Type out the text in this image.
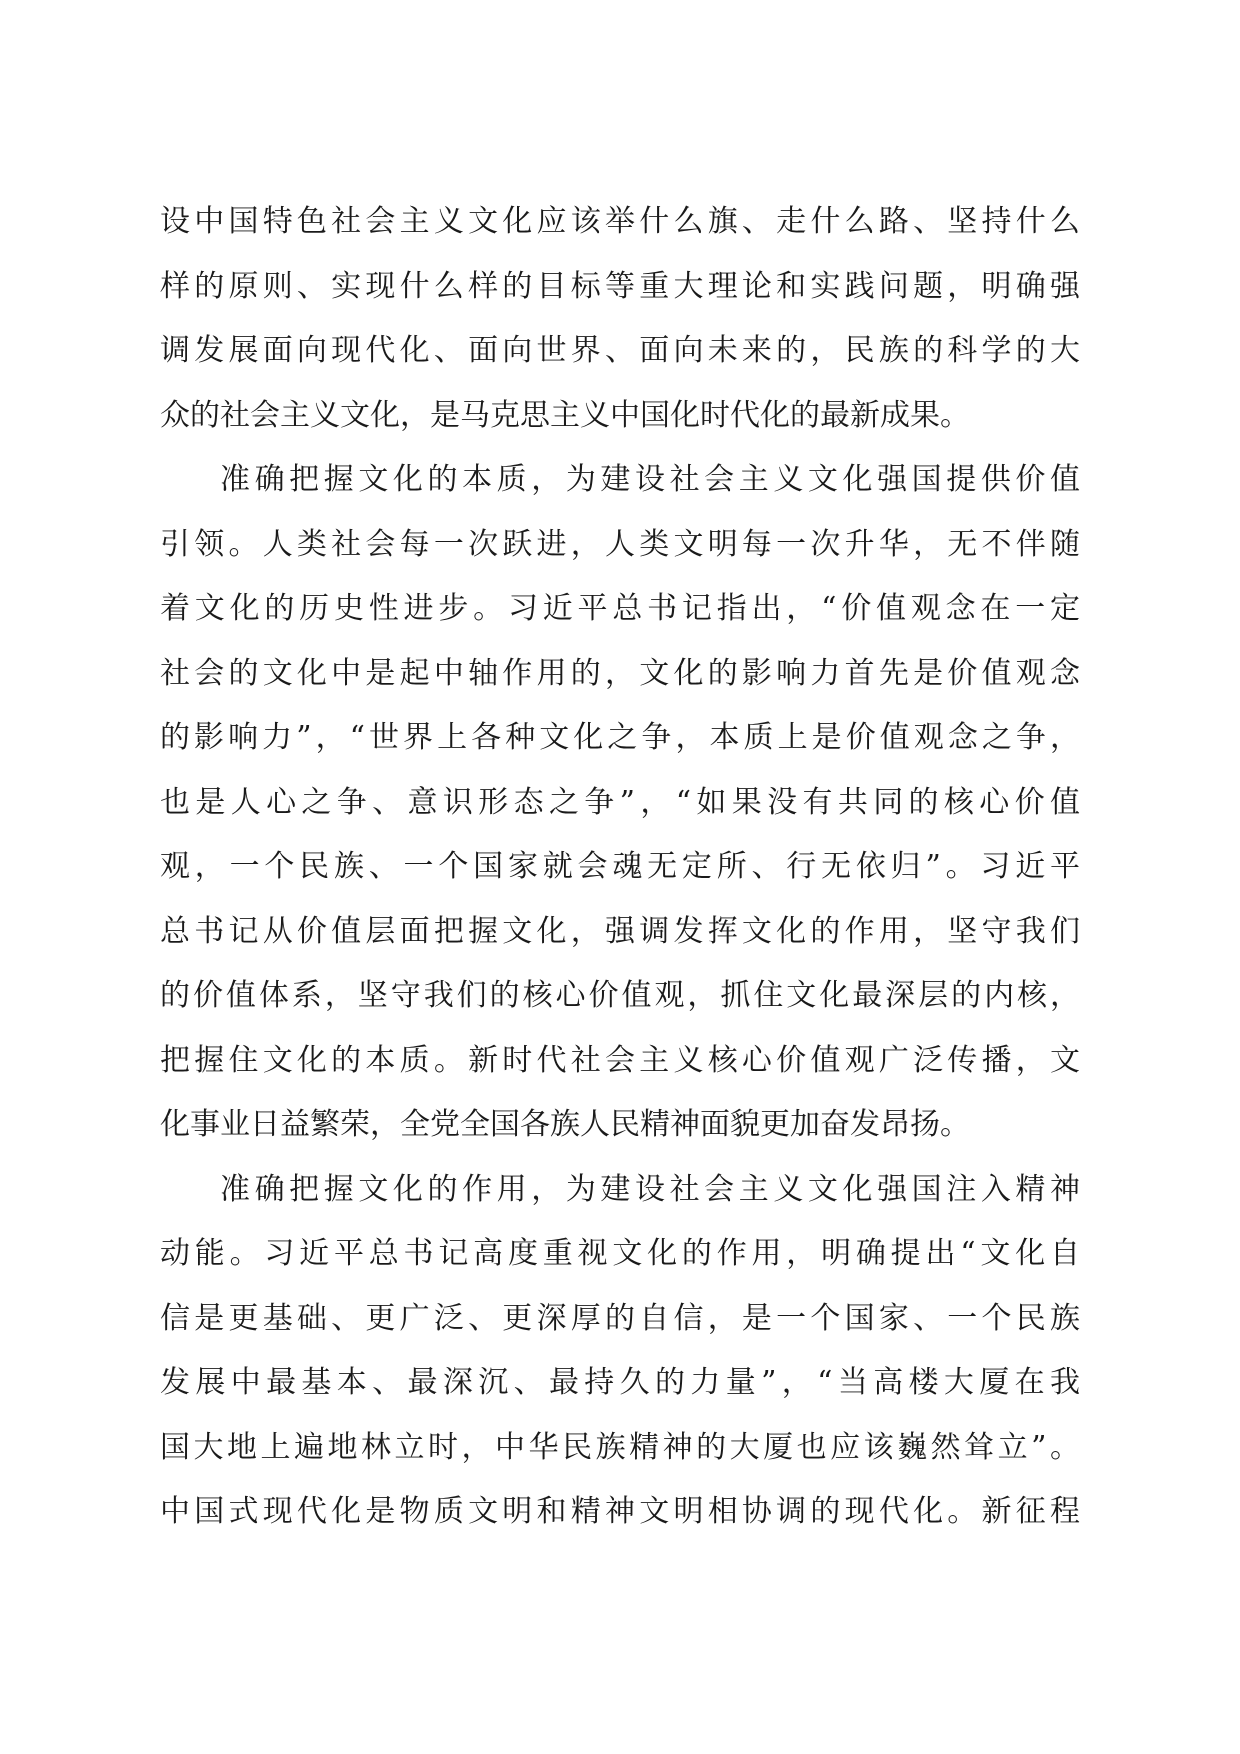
设中国特色社会主义文化应该举什么旗、走什么路、坚持什么
样的原则、实现什么样的目标等重大理论和实践问题，明确强
调发展面向现代化、面向世界、面向未来的，民族的科学的大
众的社会主义文化，是马克思主义中国化时代化的最新成果。
准确把握文化的本质，为建设社会主义文化强国提供价值
引领。人类社会每一次跃进，人类文明每一次升华，无不伴随
着文化的历史性进步。习近平总书记指出，“价值观念在一定
社会的文化中是起中轴作用的，文化的影响力首先是价值观念
的影响力”，“世界上各种文化之争，本质上是价值观念之争，
也是人心之争、意识形态之争”，“如果没有共同的核心价值
观，一个民族、一个国家就会魂无定所、行无依归”。习近平
总书记从价值层面把握文化，强调发挥文化的作用，坚守我们
的价值体系，坚守我们的核心价值观，抓住文化最深层的内核，
把握住文化的本质。新时代社会主义核心价值观广泛传播，文
化事业日益繁荣，全党全国各族人民精神面貌更加奋发昂扬。
准确把握文化的作用，为建设社会主义文化强国注入精神
动能。习近平总书记高度重视文化的作用，明确提出“文化自
信是更基础、更广泛、更深厚的自信，是一个国家、一个民族
发展中最基本、最深沉、最持久的力量”，“当高楼大厦在我
国大地上遍地林立时，中华民族精神的大厦也应该巍然耸立”。
中国式现代化是物质文明和精神文明相协调的现代化。新征程
